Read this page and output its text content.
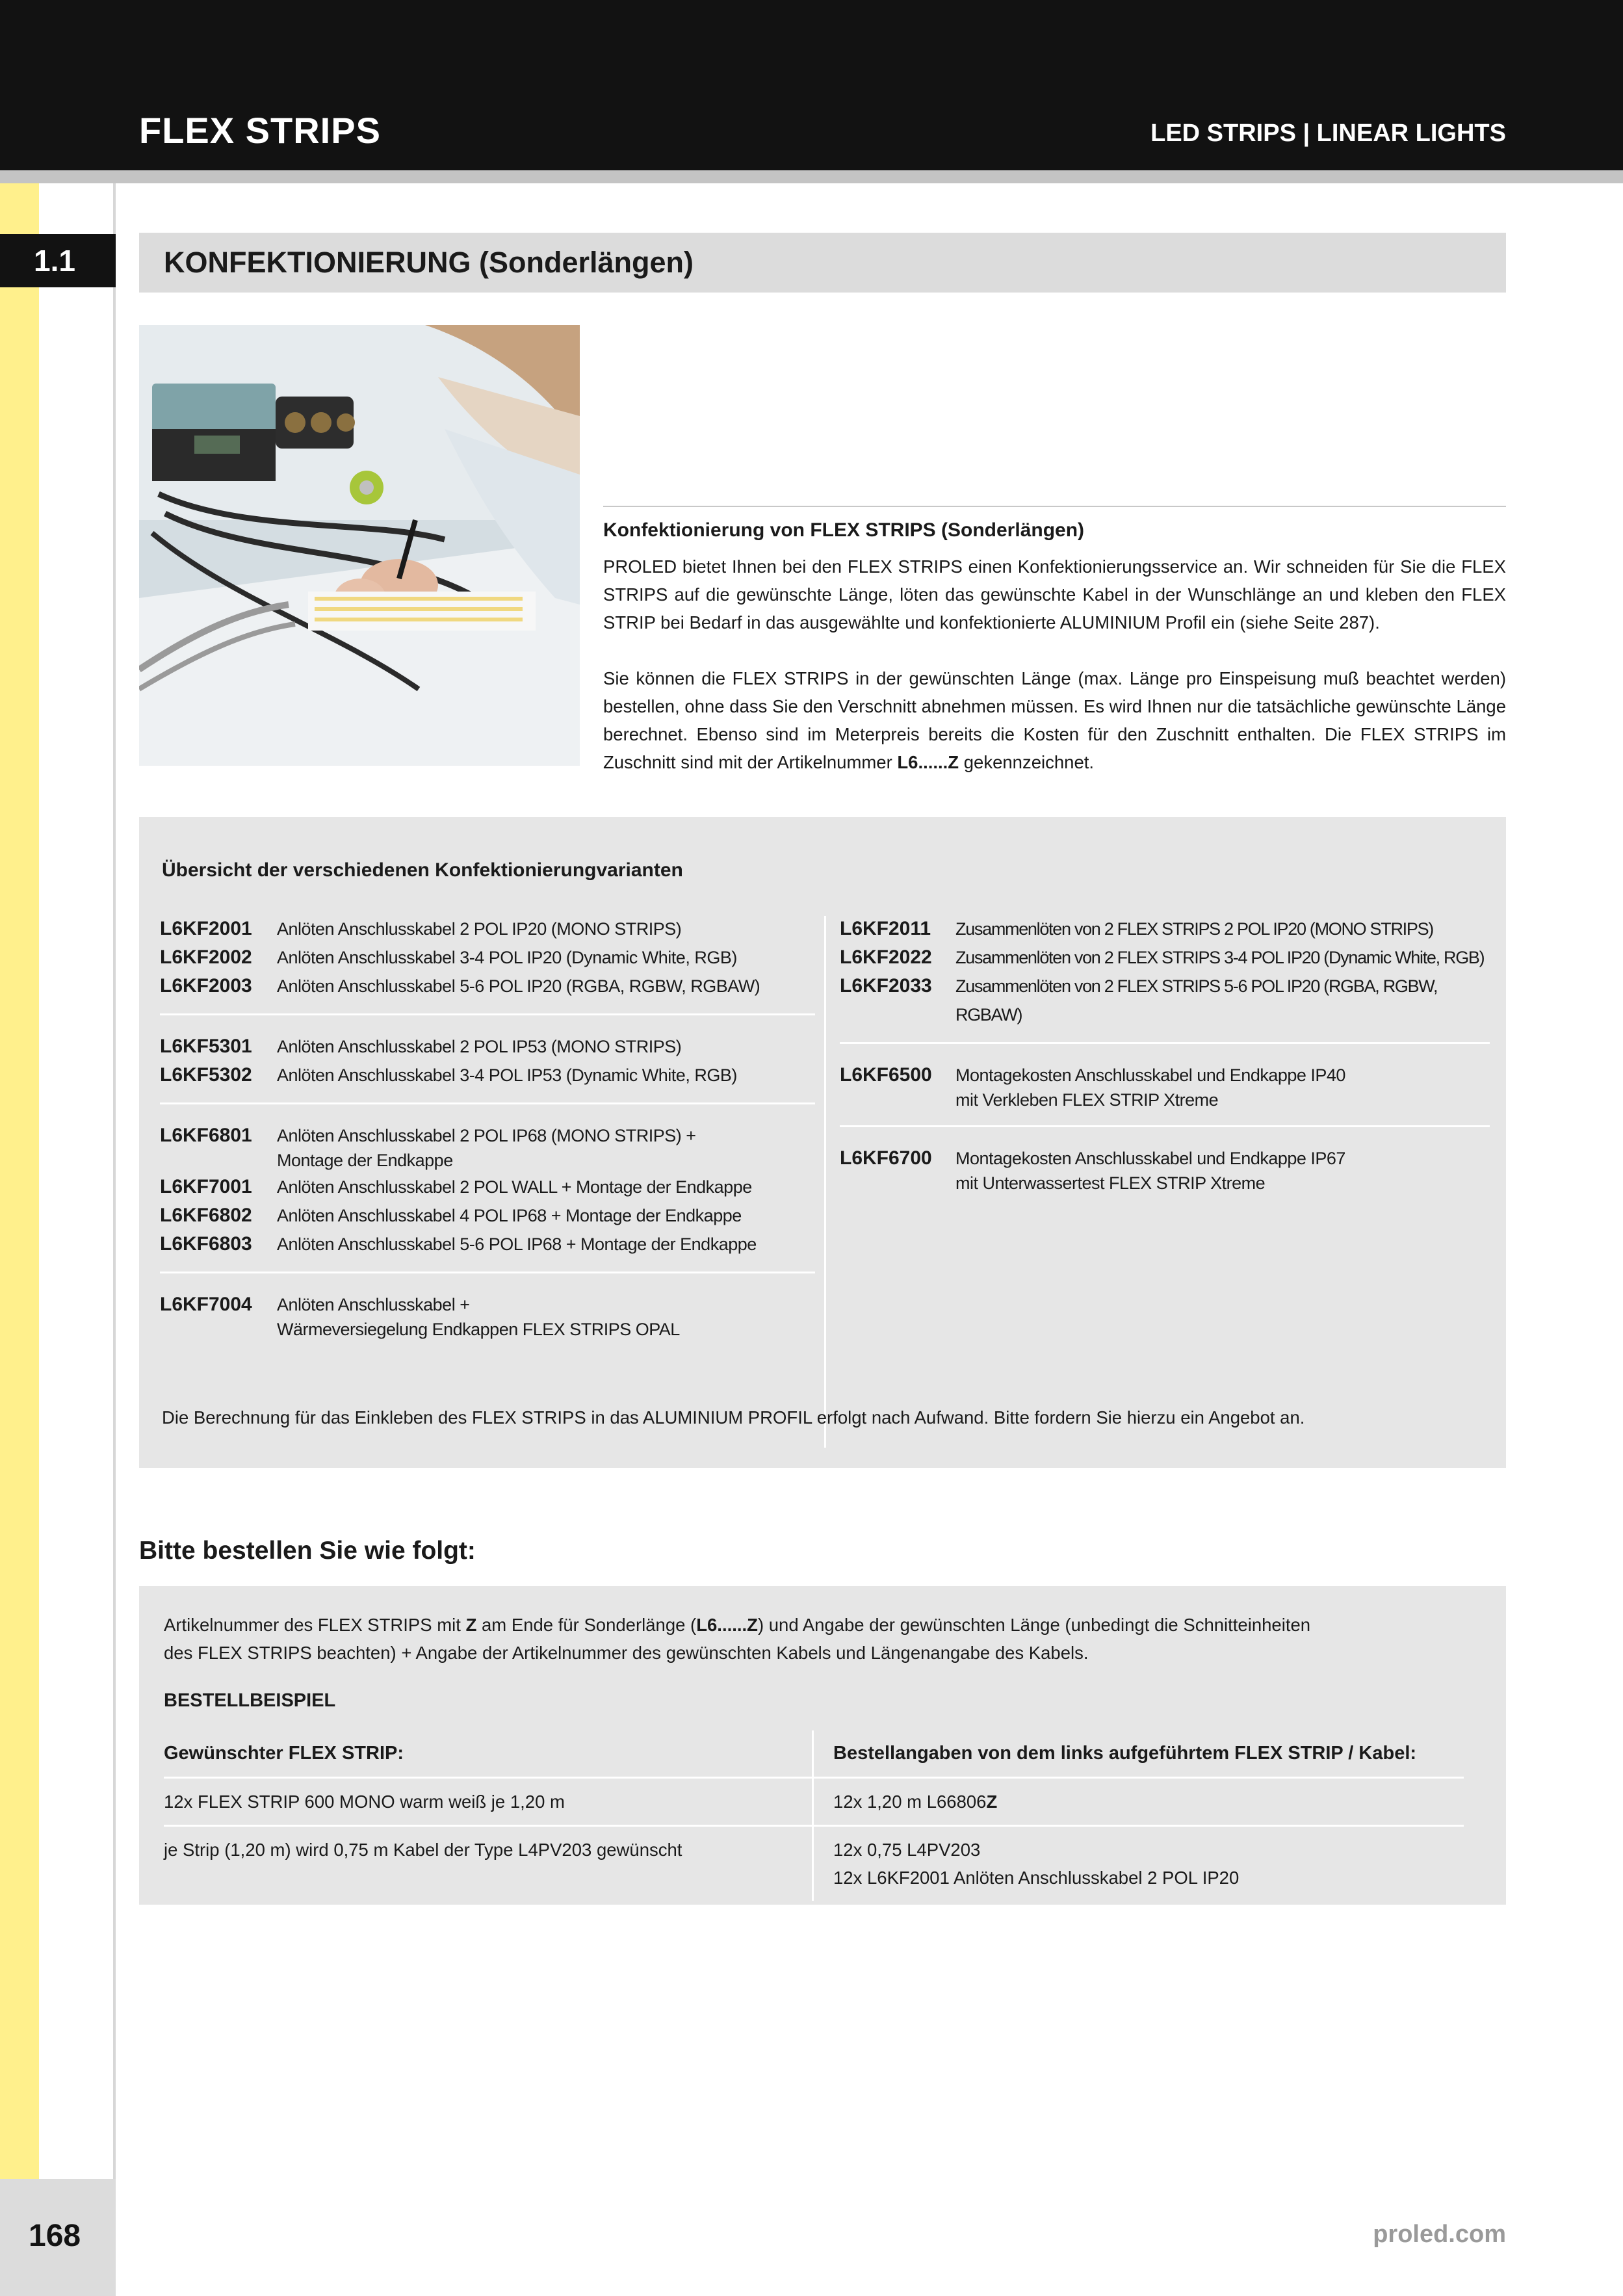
FLEX STRIPS	LED STRIPS | LINEAR LIGHTS
1.1	KONFEKTIONIERUNG (Sonderlängen)
Konfektionierung von FLEX STRIPS (Sonderlängen)

PROLED bietet Ihnen bei den FLEX STRIPS einen Konfektionierungsservice an. Wir schneiden für Sie die FLEX STRIPS auf die gewünschte Länge, löten das gewünschte Kabel in der Wunschlänge an und kleben den FLEX STRIP bei Bedarf in das ausgewählte und konfektionierte ALUMINIUM Profil ein (siehe Seite 287).

Sie können die FLEX STRIPS in der gewünschten Länge (max. Länge pro Einspeisung muß beachtet werden) bestellen, ohne dass Sie den Verschnitt abnehmen müssen. Es wird Ihnen nur die tatsächliche gewünschte Länge berechnet. Ebenso sind im Meterpreis bereits die Kosten für den Zuschnitt enthalten. Die FLEX STRIPS im Zuschnitt sind mit der Artikelnummer L6......Z gekennzeichnet.

Übersicht der verschiedenen Konfektionierungvarianten
L6KF2001	Anlöten Anschlusskabel 2 POL IP20 (MONO STRIPS)
L6KF2002	Anlöten Anschlusskabel 3-4 POL IP20 (Dynamic White, RGB)
L6KF2003	Anlöten Anschlusskabel 5-6 POL IP20 (RGBA, RGBW, RGBAW)
L6KF5301	Anlöten Anschlusskabel 2 POL IP53 (MONO STRIPS)
L6KF5302	Anlöten Anschlusskabel 3-4 POL IP53 (Dynamic White, RGB)
L6KF6801	Anlöten Anschlusskabel 2 POL IP68 (MONO STRIPS) +
Montage der Endkappe
L6KF7001	Anlöten Anschlusskabel 2 POL WALL + Montage der Endkappe
L6KF6802	Anlöten Anschlusskabel 4 POL IP68 + Montage der Endkappe
L6KF6803	Anlöten Anschlusskabel 5-6 POL IP68 + Montage der Endkappe
L6KF7004	Anlöten Anschlusskabel +
Wärmeversiegelung Endkappen FLEX STRIPS OPAL
L6KF2011	Zusammenlöten von 2 FLEX STRIPS 2 POL IP20 (MONO STRIPS)
L6KF2022	Zusammenlöten von 2 FLEX STRIPS 3-4 POL IP20 (Dynamic White, RGB)
L6KF2033	Zusammenlöten von 2 FLEX STRIPS 5-6 POL IP20 (RGBA, RGBW, RGBAW)
L6KF6500	Montagekosten Anschlusskabel und Endkappe IP40
mit Verkleben FLEX STRIP Xtreme
L6KF6700	Montagekosten Anschlusskabel und Endkappe IP67
mit Unterwassertest FLEX STRIP Xtreme
Die Berechnung für das Einkleben des FLEX STRIPS in das ALUMINIUM PROFIL erfolgt nach Aufwand. Bitte fordern Sie hierzu ein Angebot an.
Bitte bestellen Sie wie folgt:
Artikelnummer des FLEX STRIPS mit Z am Ende für Sonderlänge (L6......Z) und Angabe der gewünschten Länge (unbedingt die Schnitteinheiten
des FLEX STRIPS beachten) + Angabe der Artikelnummer des gewünschten Kabels und Längenangabe des Kabels.
BESTELLBEISPIEL
Gewünschter FLEX STRIP:	Bestellangaben von dem links aufgeführtem FLEX STRIP / Kabel:
12x FLEX STRIP 600 MONO warm weiß je 1,20 m	12x 1,20 m L66806Z
je Strip (1,20 m) wird 0,75 m Kabel der Type L4PV203 gewünscht	12x 0,75 L4PV203
12x L6KF2001 Anlöten Anschlusskabel 2 POL IP20
168	proled.com
